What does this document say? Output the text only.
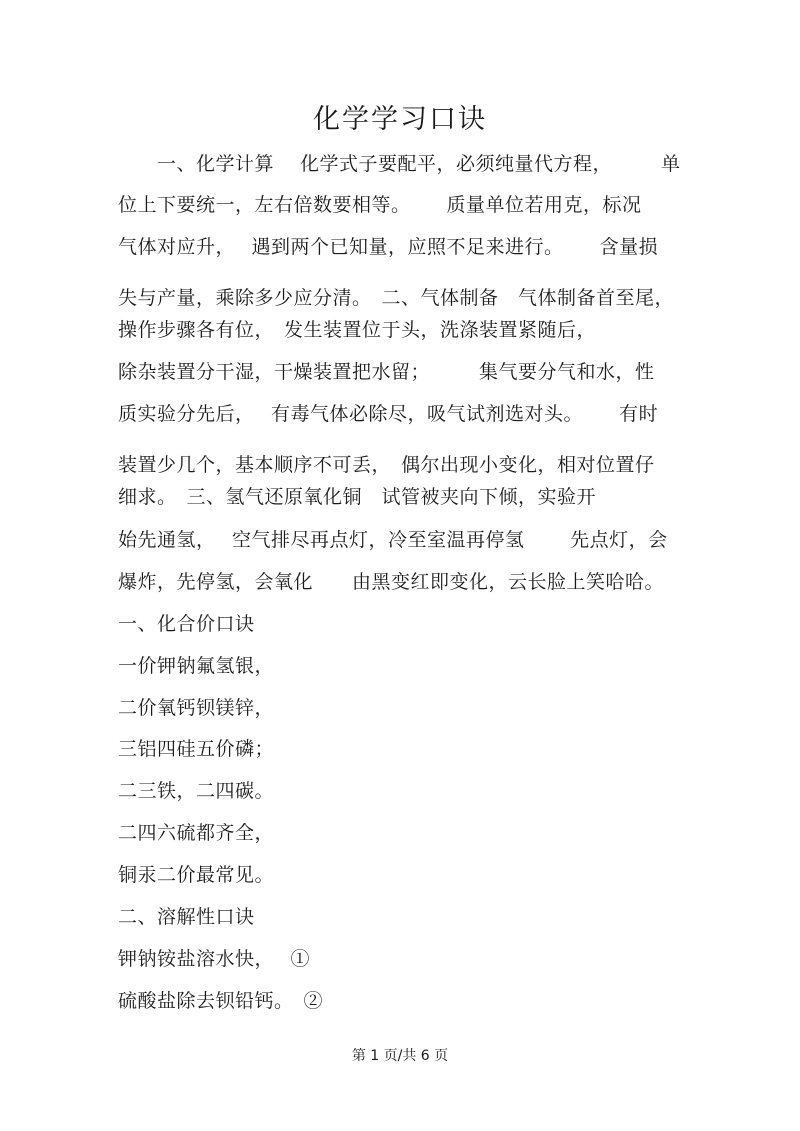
化学学习口诀
　　一、化学计算　 化学式子要配平，必须纯量代方程，　　　单
位上下要统一，左右倍数要相等。　　 质量单位若用克，标况
气体对应升，　 遇到两个已知量，应照不足来进行。　　 含量损
失与产量，乘除多少应分清。　二、气体制备　气体制备首至尾，
操作步骤各有位，　发生装置位于头，洗涤装置紧随后，
除杂装置分干湿，干燥装置把水留；　　　集气要分气和水，性
质实验分先后，　 有毒气体必除尽，吸气试剂选对头。　　 有时
装置少几个，基本顺序不可丢，　偶尔出现小变化，相对位置仔
细求。　三、氢气还原氧化铜　试管被夹向下倾，实验开
始先通氢，　 空气排尽再点灯，冷至室温再停氢　　 先点灯，会
爆炸，先停氢，会氧化　　由黑变红即变化，云长脸上笑哈哈。
一、化合价口诀
一价钾钠氟氢银，
二价氧钙钡镁锌，
三铝四硅五价磷；
二三铁，二四碳。
二四六硫都齐全，
铜汞二价最常见。
二、溶解性口诀
钾钠铵盐溶水快，　 ①
硫酸盐除去钡铅钙。　②
第 1 页/共 6 页
